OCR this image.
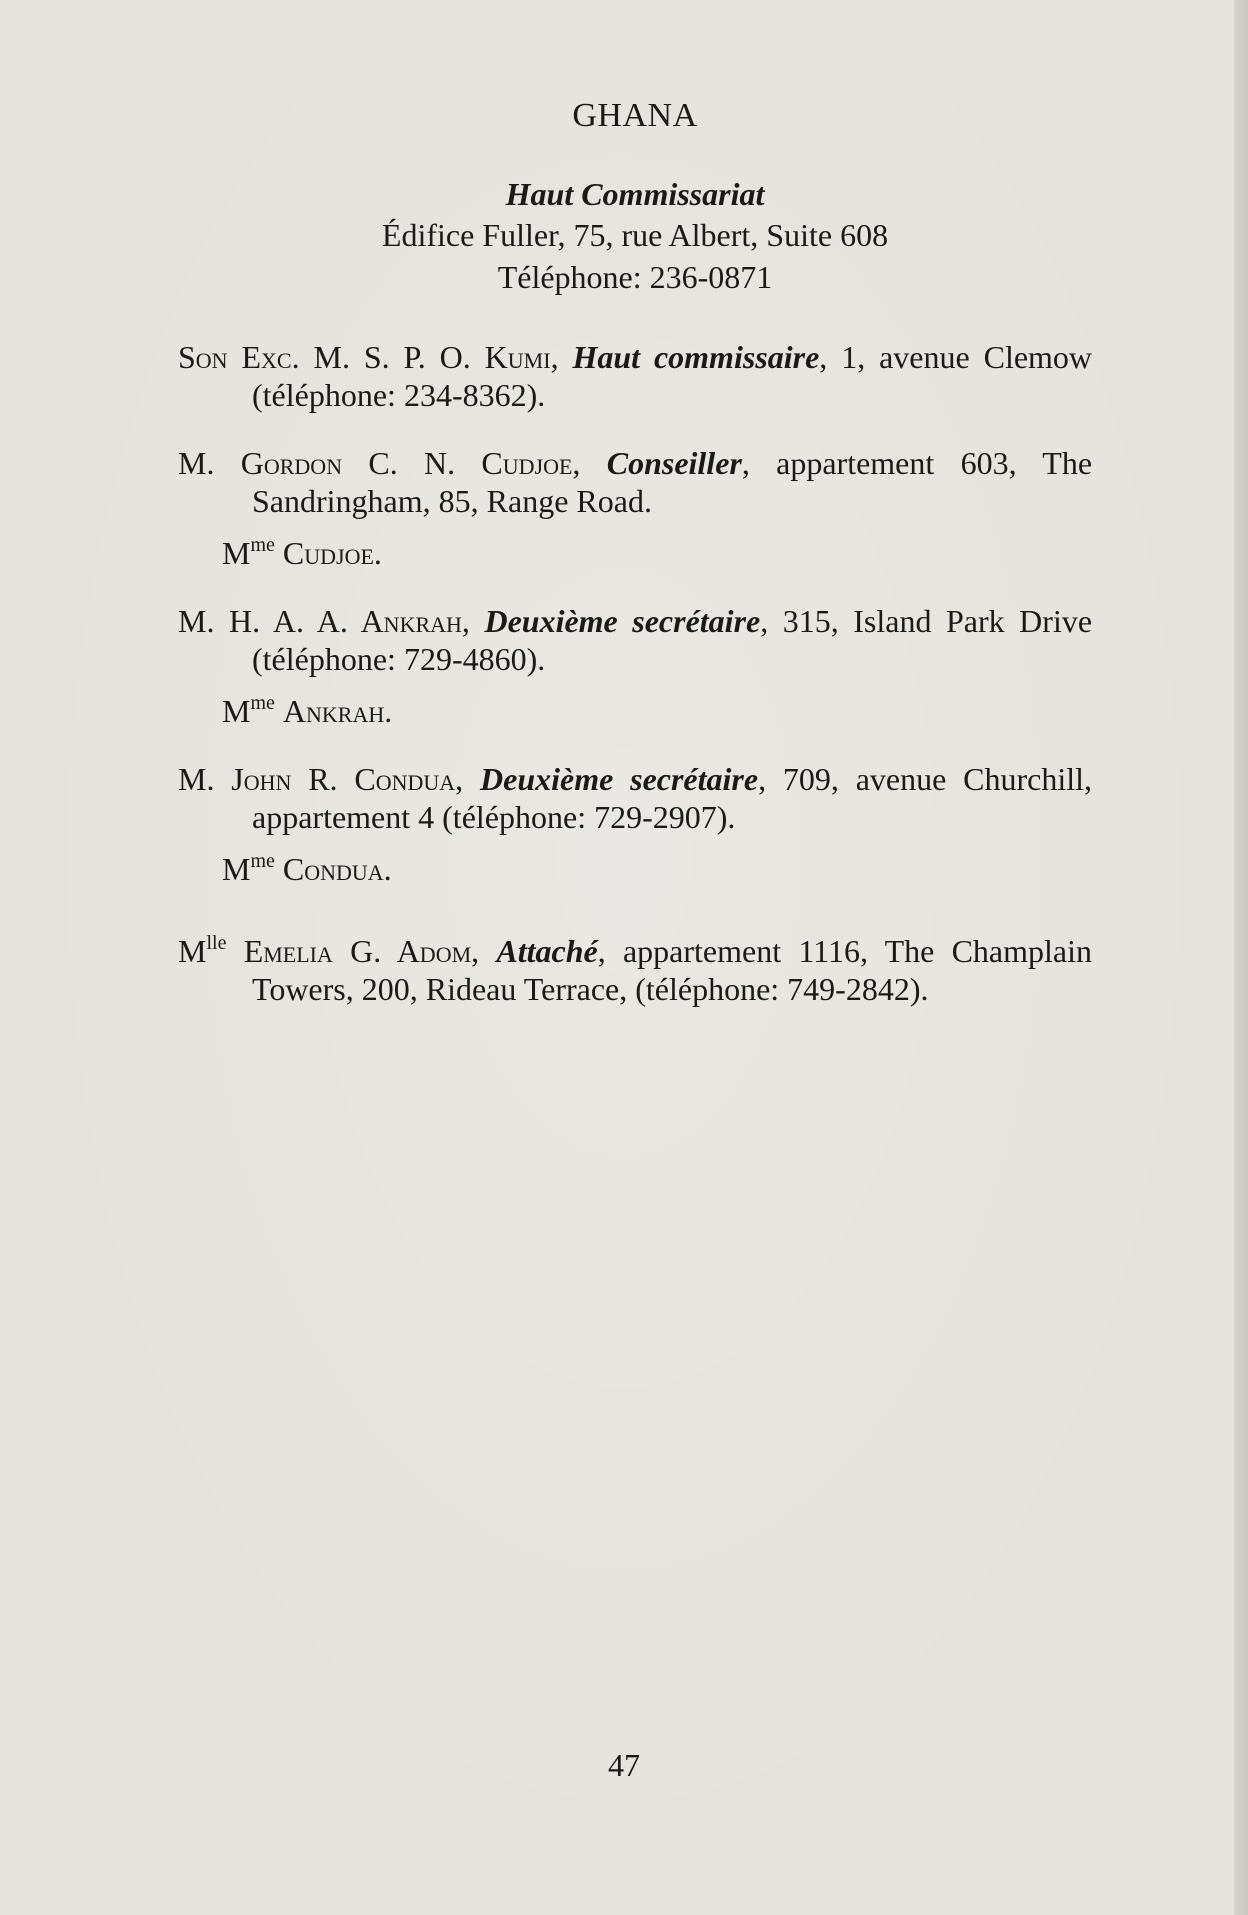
GHANA
Haut Commissariat
Édifice Fuller, 75, rue Albert, Suite 608
Téléphone: 236-0871

Son Exc. M. S. P. O. Kumi, Haut commissaire, 1, avenue Clemow (téléphone: 234-8362).

M. Gordon C. N. Cudjoe, Conseiller, appartement 603, The Sandringham, 85, Range Road.

$M^{me}$ Cudjoe.

M. H. A. A. Ankrah, Deuxième secrétaire, 315, Island Park Drive (téléphone: 729-4860).

$M^{me}$ Ankrah.

M. John R. Condua, Deuxième secrétaire, 709, avenue Churchill, appartement 4 (téléphone: 729-2907).

$M^{me}$ Condua.

$M^{lle}$ Emelia G. Adom, Attaché, appartement 1116, The Champlain Towers, 200, Rideau Terrace, (téléphone: 749-2842).

47
